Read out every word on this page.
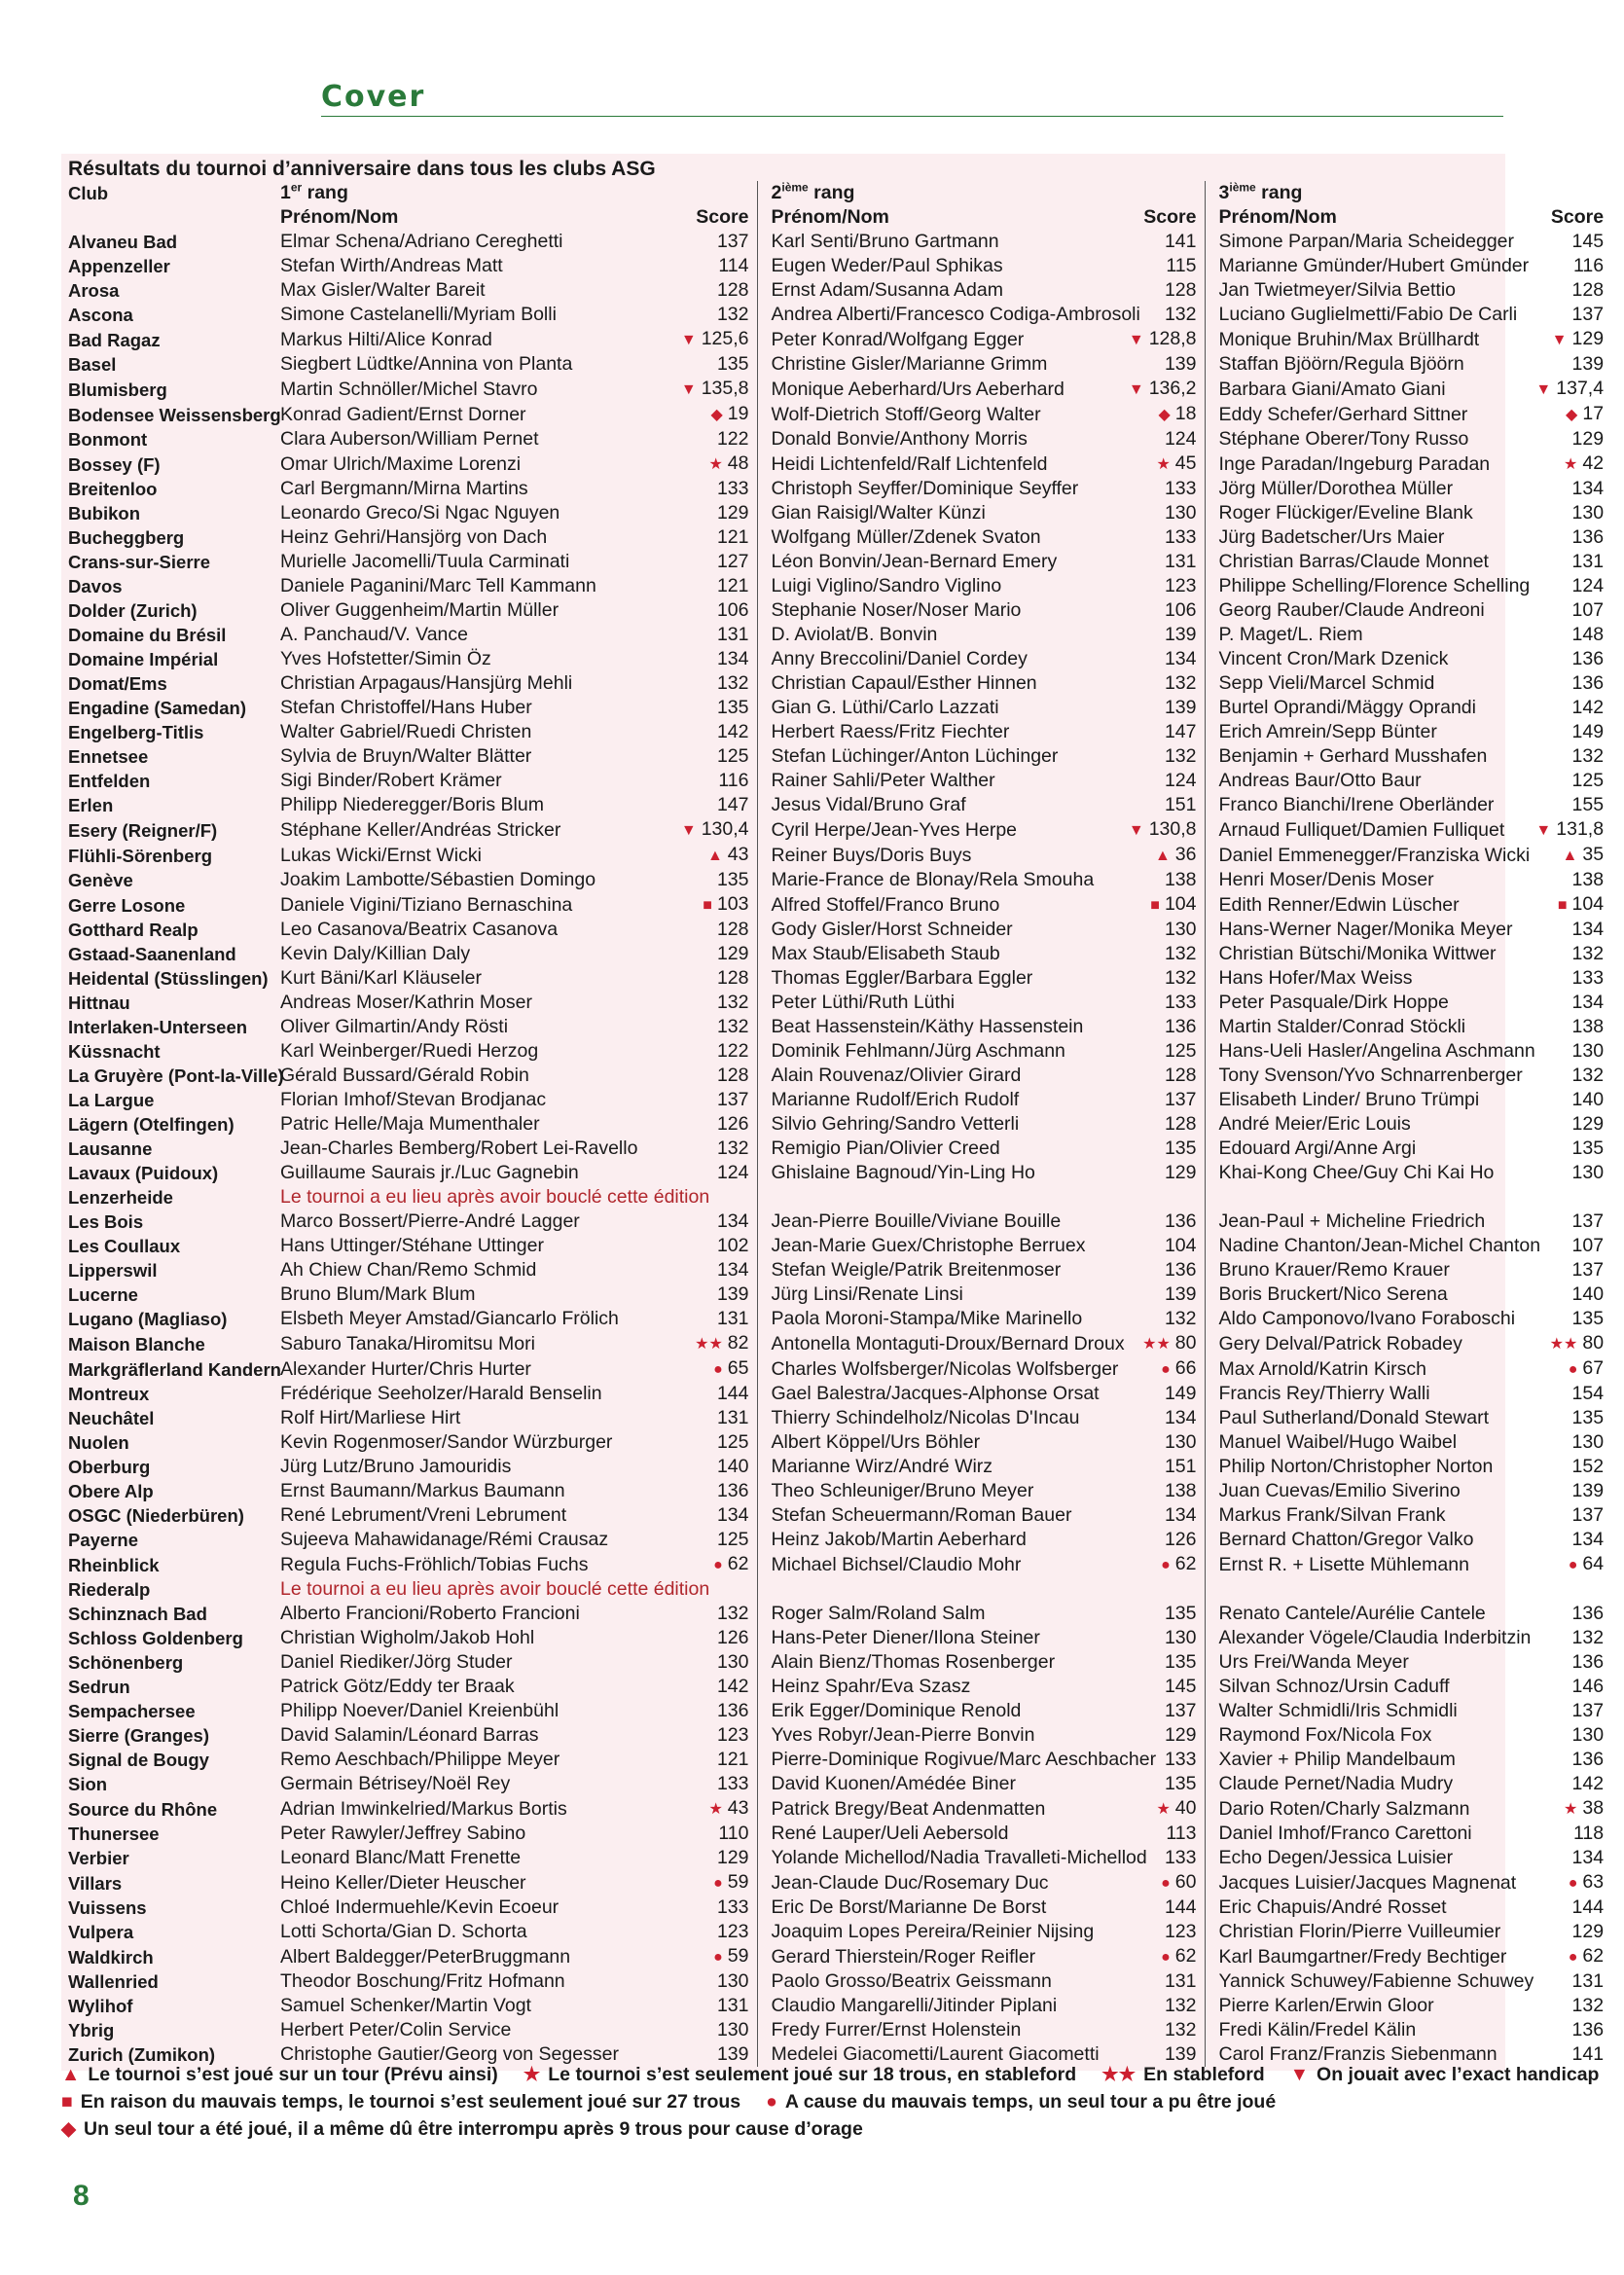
Cover
Résultats du tournoi d’anniversaire dans tous les clubs ASG						
Club	1er rang		2ième rang		3ième rang	
	Prénom/Nom	Score	Prénom/Nom	Score	Prénom/Nom	Score
Alvaneu Bad	Elmar Schena/Adriano Cereghetti	137	Karl Senti/Bruno Gartmann	141	Simone Parpan/Maria Scheidegger	145
Appenzeller	Stefan Wirth/Andreas Matt	114	Eugen Weder/Paul Sphikas	115	Marianne Gmünder/Hubert Gmünder	116
Arosa	Max Gisler/Walter Bareit	128	Ernst Adam/Susanna Adam	128	Jan Twietmeyer/Silvia Bettio	128
Ascona	Simone Castelanelli/Myriam Bolli	132	Andrea Alberti/Francesco Codiga-Ambrosoli	132	Luciano Guglielmetti/Fabio De Carli	137
Bad Ragaz	Markus Hilti/Alice Konrad	▼ 125,6	Peter Konrad/Wolfgang Egger	▼ 128,8	Monique Bruhin/Max Brüllhardt	▼ 129
Basel	Siegbert Lüdtke/Annina von Planta	135	Christine Gisler/Marianne Grimm	139	Staffan Bjöörn/Regula Bjöörn	139
Blumisberg	Martin Schnöller/Michel Stavro	▼ 135,8	Monique Aeberhard/Urs Aeberhard	▼ 136,2	Barbara Giani/Amato Giani	▼ 137,4
Bodensee Weissensberg	Konrad Gadient/Ernst Dorner	◆ 19	Wolf-Dietrich Stoff/Georg Walter	◆ 18	Eddy Schefer/Gerhard Sittner	◆ 17
Bonmont	Clara Auberson/William Pernet	122	Donald Bonvie/Anthony Morris	124	Stéphane Oberer/Tony Russo	129
Bossey (F)	Omar Ulrich/Maxime Lorenzi	★ 48	Heidi Lichtenfeld/Ralf Lichtenfeld	★ 45	Inge Paradan/Ingeburg Paradan	★ 42
Breitenloo	Carl Bergmann/Mirna Martins	133	Christoph Seyffer/Dominique Seyffer	133	Jörg Müller/Dorothea Müller	134
Bubikon	Leonardo Greco/Si Ngac Nguyen	129	Gian Raisigl/Walter Künzi	130	Roger Flückiger/Eveline Blank	130
Bucheggberg	Heinz Gehri/Hansjörg von Dach	121	Wolfgang Müller/Zdenek Svaton	133	Jürg Badetscher/Urs Maier	136
Crans-sur-Sierre	Murielle Jacomelli/Tuula Carminati	127	Léon Bonvin/Jean-Bernard Emery	131	Christian Barras/Claude Monnet	131
Davos	Daniele Paganini/Marc Tell Kammann	121	Luigi Viglino/Sandro Viglino	123	Philippe Schelling/Florence Schelling	124
Dolder (Zurich)	Oliver Guggenheim/Martin Müller	106	Stephanie Noser/Noser Mario	106	Georg Rauber/Claude Andreoni	107
Domaine du Brésil	A. Panchaud/V. Vance	131	D. Aviolat/B. Bonvin	139	P. Maget/L. Riem	148
Domaine Impérial	Yves Hofstetter/Simin Öz	134	Anny Breccolini/Daniel Cordey	134	Vincent Cron/Mark Dzenick	136
Domat/Ems	Christian Arpagaus/Hansjürg Mehli	132	Christian Capaul/Esther Hinnen	132	Sepp Vieli/Marcel Schmid	136
Engadine (Samedan)	Stefan Christoffel/Hans Huber	135	Gian G. Lüthi/Carlo Lazzati	139	Burtel Oprandi/Mäggy Oprandi	142
Engelberg-Titlis	Walter Gabriel/Ruedi Christen	142	Herbert Raess/Fritz Fiechter	147	Erich Amrein/Sepp Bünter	149
Ennetsee	Sylvia de Bruyn/Walter Blätter	125	Stefan Lüchinger/Anton Lüchinger	132	Benjamin + Gerhard Musshafen	132
Entfelden	Sigi Binder/Robert Krämer	116	Rainer Sahli/Peter Walther	124	Andreas Baur/Otto Baur	125
Erlen	Philipp Niederegger/Boris Blum	147	Jesus Vidal/Bruno Graf	151	Franco Bianchi/Irene Oberländer	155
Esery (Reigner/F)	Stéphane Keller/Andréas Stricker	▼ 130,4	Cyril Herpe/Jean-Yves Herpe	▼ 130,8	Arnaud Fulliquet/Damien Fulliquet	▼ 131,8
Flühli-Sörenberg	Lukas Wicki/Ernst Wicki	▲ 43	Reiner Buys/Doris Buys	▲ 36	Daniel Emmenegger/Franziska Wicki	▲ 35
Genève	Joakim Lambotte/Sébastien Domingo	135	Marie-France de Blonay/Rela Smouha	138	Henri Moser/Denis Moser	138
Gerre Losone	Daniele Vigini/Tiziano Bernaschina	■ 103	Alfred Stoffel/Franco Bruno	■ 104	Edith Renner/Edwin Lüscher	■ 104
Gotthard Realp	Leo Casanova/Beatrix Casanova	128	Gody Gisler/Horst Schneider	130	Hans-Werner Nager/Monika Meyer	134
Gstaad-Saanenland	Kevin Daly/Killian Daly	129	Max Staub/Elisabeth Staub	132	Christian Bütschi/Monika Wittwer	132
Heidental (Stüsslingen)	Kurt Bäni/Karl Kläuseler	128	Thomas Eggler/Barbara Eggler	132	Hans Hofer/Max Weiss	133
Hittnau	Andreas Moser/Kathrin Moser	132	Peter Lüthi/Ruth Lüthi	133	Peter Pasquale/Dirk Hoppe	134
Interlaken-Unterseen	Oliver Gilmartin/Andy Rösti	132	Beat Hassenstein/Käthy Hassenstein	136	Martin Stalder/Conrad Stöckli	138
Küssnacht	Karl Weinberger/Ruedi Herzog	122	Dominik Fehlmann/Jürg Aschmann	125	Hans-Ueli Hasler/Angelina Aschmann	130
La Gruyère (Pont-la-Ville)	Gérald Bussard/Gérald Robin	128	Alain Rouvenaz/Olivier Girard	128	Tony Svenson/Yvo Schnarrenberger	132
La Largue	Florian Imhof/Stevan Brodjanac	137	Marianne Rudolf/Erich Rudolf	137	Elisabeth Linder/ Bruno Trümpi	140
Lägern (Otelfingen)	Patric Helle/Maja Mumenthaler	126	Silvio Gehring/Sandro Vetterli	128	André Meier/Eric Louis	129
Lausanne	Jean-Charles Bemberg/Robert Lei-Ravello	132	Remigio Pian/Olivier Creed	135	Edouard Argi/Anne Argi	135
Lavaux (Puidoux)	Guillaume Saurais jr./Luc Gagnebin	124	Ghislaine Bagnoud/Yin-Ling Ho	129	Khai-Kong Chee/Guy Chi Kai Ho	130
Lenzerheide	Le tournoi a eu lieu après avoir bouclé cette édition					
Les Bois	Marco Bossert/Pierre-André Lagger	134	Jean-Pierre Bouille/Viviane Bouille	136	Jean-Paul + Micheline Friedrich	137
Les Coullaux	Hans Uttinger/Stéhane Uttinger	102	Jean-Marie Guex/Christophe Berruex	104	Nadine Chanton/Jean-Michel Chanton	107
Lipperswil	Ah Chiew Chan/Remo Schmid	134	Stefan Weigle/Patrik Breitenmoser	136	Bruno Krauer/Remo Krauer	137
Lucerne	Bruno Blum/Mark Blum	139	Jürg Linsi/Renate Linsi	139	Boris Bruckert/Nico Serena	140
Lugano (Magliaso)	Elsbeth Meyer Amstad/Giancarlo Frölich	131	Paola Moroni-Stampa/Mike Marinello	132	Aldo Camponovo/Ivano Foraboschi	135
Maison Blanche	Saburo Tanaka/Hiromitsu Mori	★★ 82	Antonella Montaguti-Droux/Bernard Droux	★★ 80	Gery Delval/Patrick Robadey	★★ 80
Markgräflerland Kandern	Alexander Hurter/Chris Hurter	● 65	Charles Wolfsberger/Nicolas Wolfsberger	● 66	Max Arnold/Katrin Kirsch	● 67
Montreux	Frédérique Seeholzer/Harald Benselin	144	Gael Balestra/Jacques-Alphonse Orsat	149	Francis Rey/Thierry Walli	154
Neuchâtel	Rolf Hirt/Marliese Hirt	131	Thierry Schindelholz/Nicolas D'Incau	134	Paul Sutherland/Donald Stewart	135
Nuolen	Kevin Rogenmoser/Sandor Würzburger	125	Albert Köppel/Urs Böhler	130	Manuel Waibel/Hugo Waibel	130
Oberburg	Jürg Lutz/Bruno Jamouridis	140	Marianne Wirz/André Wirz	151	Philip Norton/Christopher Norton	152
Obere Alp	Ernst Baumann/Markus Baumann	136	Theo Schleuniger/Bruno Meyer	138	Juan Cuevas/Emilio Siverino	139
OSGC (Niederbüren)	René Lebrument/Vreni Lebrument	134	Stefan Scheuermann/Roman Bauer	134	Markus Frank/Silvan Frank	137
Payerne	Sujeeva Mahawidanage/Rémi Crausaz	125	Heinz Jakob/Martin Aeberhard	126	Bernard Chatton/Gregor Valko	134
Rheinblick	Regula Fuchs-Fröhlich/Tobias Fuchs	● 62	Michael Bichsel/Claudio Mohr	● 62	Ernst R. + Lisette Mühlemann	● 64
Riederalp	Le tournoi a eu lieu après avoir bouclé cette édition					
Schinznach Bad	Alberto Francioni/Roberto Francioni	132	Roger Salm/Roland Salm	135	Renato Cantele/Aurélie Cantele	136
Schloss Goldenberg	Christian Wigholm/Jakob Hohl	126	Hans-Peter Diener/Ilona Steiner	130	Alexander Vögele/Claudia Inderbitzin	132
Schönenberg	Daniel Riediker/Jörg Studer	130	Alain Bienz/Thomas Rosenberger	135	Urs Frei/Wanda Meyer	136
Sedrun	Patrick Götz/Eddy ter Braak	142	Heinz Spahr/Eva Szasz	145	Silvan Schnoz/Ursin Caduff	146
Sempachersee	Philipp Noever/Daniel Kreienbühl	136	Erik Egger/Dominique Renold	137	Walter Schmidli/Iris Schmidli	137
Sierre (Granges)	David Salamin/Léonard Barras	123	Yves Robyr/Jean-Pierre Bonvin	129	Raymond Fox/Nicola Fox	130
Signal de Bougy	Remo Aeschbach/Philippe Meyer	121	Pierre-Dominique Rogivue/Marc Aeschbacher	133	Xavier + Philip Mandelbaum	136
Sion	Germain Bétrisey/Noël Rey	133	David Kuonen/Amédée Biner	135	Claude Pernet/Nadia Mudry	142
Source du Rhône	Adrian Imwinkelried/Markus Bortis	★ 43	Patrick Bregy/Beat Andenmatten	★ 40	Dario Roten/Charly Salzmann	★ 38
Thunersee	Peter Rawyler/Jeffrey Sabino	110	René Lauper/Ueli Aebersold	113	Daniel Imhof/Franco Carettoni	118
Verbier	Leonard Blanc/Matt Frenette	129	Yolande Michellod/Nadia Travalleti-Michellod	133	Echo Degen/Jessica Luisier	134
Villars	Heino Keller/Dieter Heuscher	● 59	Jean-Claude Duc/Rosemary Duc	● 60	Jacques Luisier/Jacques Magnenat	● 63
Vuissens	Chloé Indermuehle/Kevin Ecoeur	133	Eric De Borst/Marianne De Borst	144	Eric Chapuis/André Rosset	144
Vulpera	Lotti Schorta/Gian D. Schorta	123	Joaquim Lopes Pereira/Reinier Nijsing	123	Christian Florin/Pierre Vuilleumier	129
Waldkirch	Albert Baldegger/PeterBruggmann	● 59	Gerard Thierstein/Roger Reifler	● 62	Karl Baumgartner/Fredy Bechtiger	● 62
Wallenried	Theodor Boschung/Fritz Hofmann	130	Paolo Grosso/Beatrix Geissmann	131	Yannick Schuwey/Fabienne Schuwey	131
Wylihof	Samuel Schenker/Martin Vogt	131	Claudio Mangarelli/Jitinder Piplani	132	Pierre Karlen/Erwin Gloor	132
Ybrig	Herbert Peter/Colin Service	130	Fredy Furrer/Ernst Holenstein	132	Fredi Kälin/Fredel Kälin	136
Zurich (Zumikon)	Christophe Gautier/Georg von Segesser	139	Medelei Giacometti/Laurent Giacometti	139	Carol Franz/Franzis Siebenmann	141
▲ Le tournoi s’est joué sur un tour (Prévu ainsi) ★ Le tournoi s’est seulement joué sur 18 trous, en stableford ★★ En stableford ▼ On jouait avec l’exact handicap
■ En raison du mauvais temps, le tournoi s’est seulement joué sur 27 trous ● A cause du mauvais temps, un seul tour a pu être joué
◆ Un seul tour a été joué, il a même dû être interrompu après 9 trous pour cause d’orage
8
